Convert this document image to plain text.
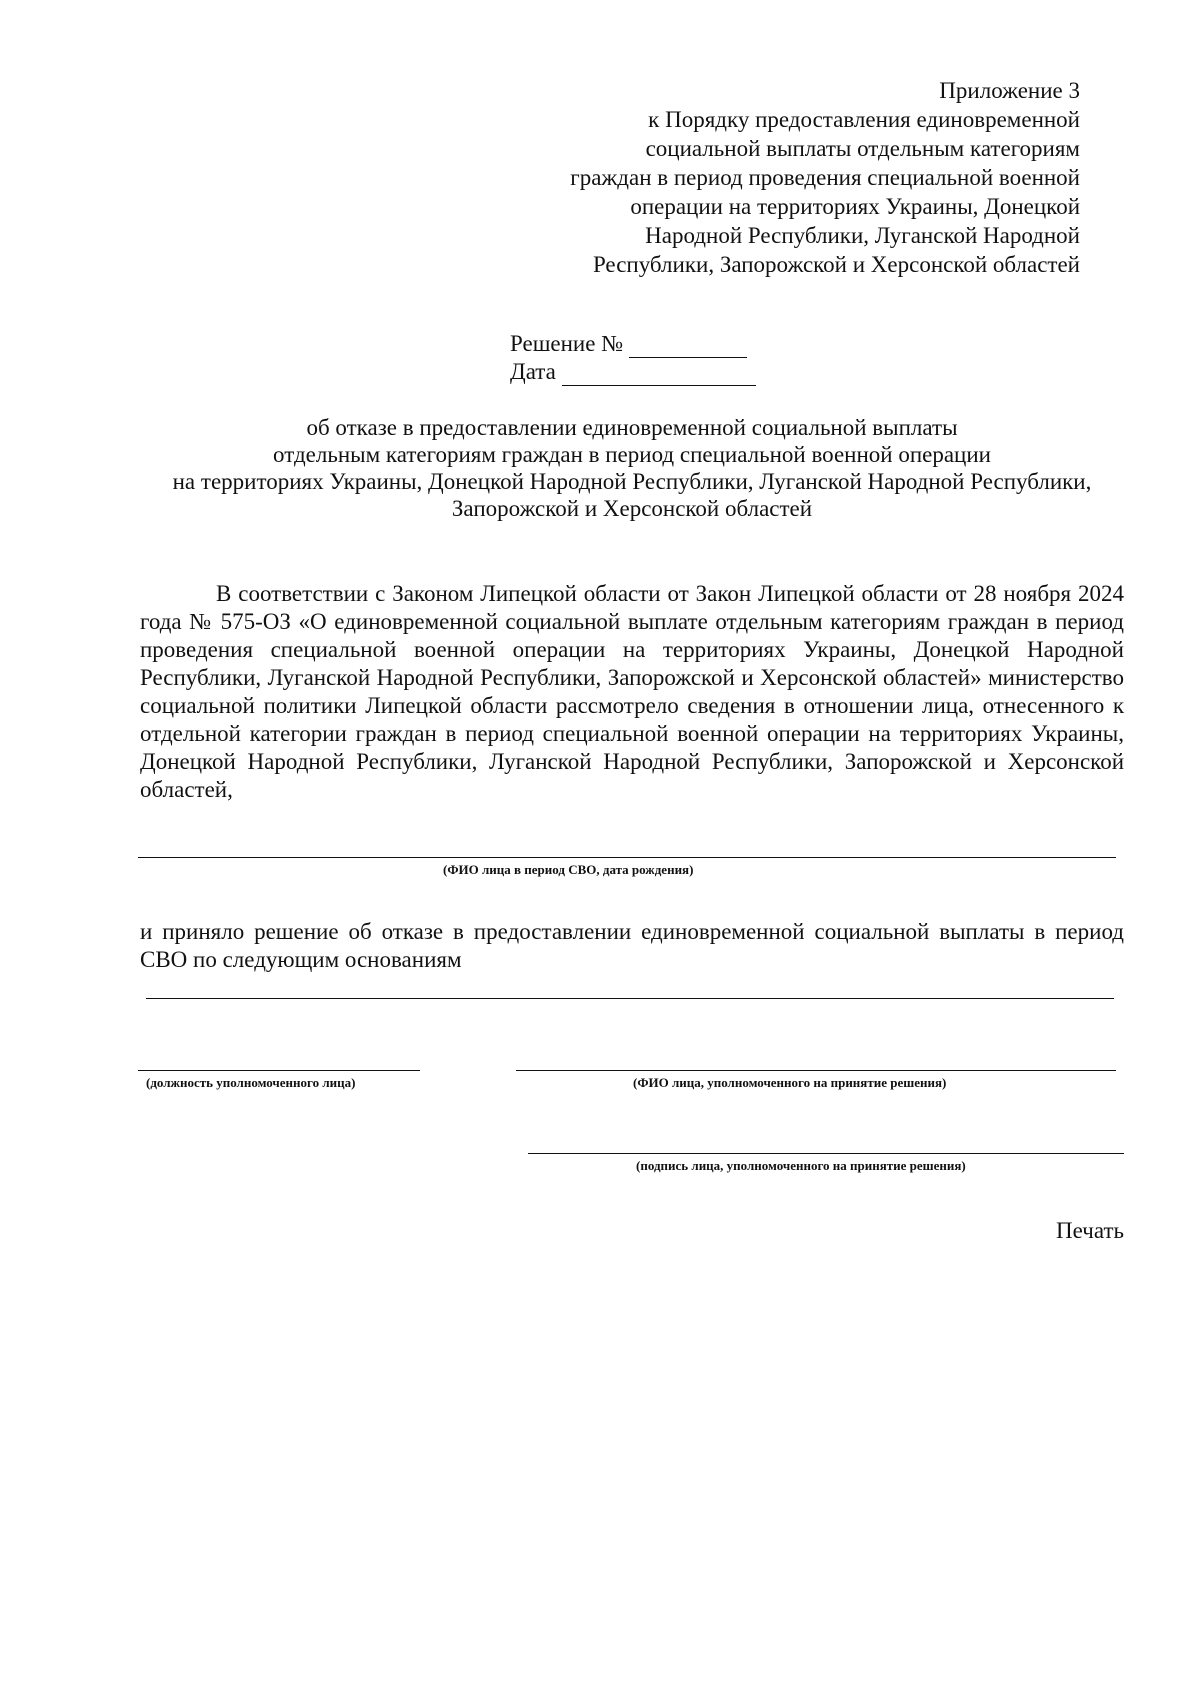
Приложение 3
к Порядку предоставления единовременной
социальной выплаты отдельным категориям
граждан в период проведения специальной военной
операции на территориях Украины, Донецкой
Народной Республики, Луганской Народной
Республики, Запорожской и Херсонской областей
Решение №
Дата
об отказе в предоставлении единовременной социальной выплаты
отдельным категориям граждан в период специальной военной операции
на территориях Украины, Донецкой Народной Республики, Луганской Народной Республики,
Запорожской и Херсонской областей
В соответствии с Законом Липецкой области от Закон Липецкой области от 28 ноября 2024 года № 575-ОЗ «О единовременной социальной выплате отдельным категориям граждан в период проведения специальной военной операции на территориях Украины, Донецкой Народной Республики, Луганской Народной Республики, Запорожской и Херсонской областей» министерство социальной политики Липецкой области рассмотрело сведения в отношении лица, отнесенного к отдельной категории граждан в период специальной военной операции на территориях Украины, Донецкой Народной Республики, Луганской Народной Республики, Запорожской и Херсонской областей,
(ФИО лица в период СВО, дата рождения)
и приняло решение об отказе в предоставлении единовременной социальной выплаты в период СВО по следующим основаниям
(должность уполномоченного лица)	(ФИО лица, уполномоченного на принятие решения)
(подпись лица, уполномоченного на принятие решения)
Печать
